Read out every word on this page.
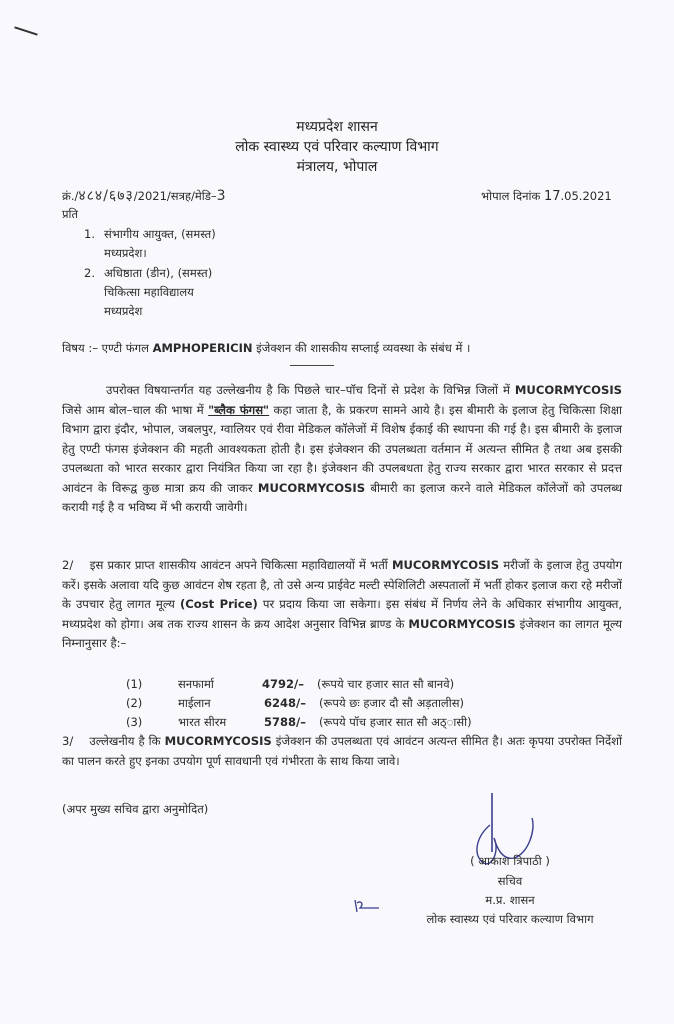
मध्यप्रदेश शासन
लोक स्वास्थ्य एवं परिवार कल्याण विभाग
मंत्रालय, भोपाल
क्रं./४८४/६७३/2021/सत्रह/मेडि–3	भोपाल दिनांक 17.05.2021
प्रति
1. संभागीय आयुक्त, (समस्त)
मध्यप्रदेश।
2. अधिष्ठाता (डीन), (समस्त)
चिकित्सा महाविद्यालय
मध्यप्रदेश
विषय :– एण्टी फंगल AMPHOPERICIN इंजेक्शन की शासकीय सप्लाई व्यवस्था के संबंध में ।
उपरोक्त विषयान्तर्गत यह उल्लेखनीय है कि पिछले चार–पॉच दिनों से प्रदेश के विभिन्न जिलों में MUCORMYCOSIS जिसे आम बोल–चाल की भाषा में "ब्लैक फंगस" कहा जाता है, के प्रकरण सामने आये है। इस बीमारी के इलाज हेतु चिकित्सा शिक्षा विभाग द्वारा इंदौर, भोपाल, जबलपुर, ग्वालियर एवं रीवा मेडिकल कॉलेजों में विशेष ईकाई की स्थापना की गई है। इस बीमारी के इलाज हेतु एण्टी फंगस इंजेक्शन की महती आवश्यकता होती है। इस इंजेक्शन की उपलब्धता वर्तमान में अत्यन्त सीमित है तथा अब इसकी उपलब्धता को भारत सरकार द्वारा नियंत्रित किया जा रहा है। इंजेक्शन की उपलबधता हेतु राज्य सरकार द्वारा भारत सरकार से प्रदत्त आवंटन के विरूद्व कुछ मात्रा क्रय की जाकर MUCORMYCOSIS बीमारी का इलाज करने वाले मेडिकल कॉलेजों को उपलब्ध करायी गई है व भविष्य में भी करायी जावेगी।
2/ इस प्रकार प्राप्त शासकीय आवंटन अपने चिकित्सा महाविद्यालयों में भर्ती MUCORMYCOSIS मरीजों के इलाज हेतु उपयोग करें। इसके अलावा यदि कुछ आवंटन शेष रहता है, तो उसे अन्य प्राईवेट मल्टी स्पेशिलिटी अस्पतालों में भर्ती होकर इलाज करा रहे मरीजों के उपचार हेतु लागत मूल्य (Cost Price) पर प्रदाय किया जा सकेगा। इस संबंध में निर्णय लेने के अधिकार संभागीय आयुक्त, मध्यप्रदेश को होगा। अब तक राज्य शासन के क्रय आदेश अनुसार विभिन्न ब्राण्ड के MUCORMYCOSIS इंजेक्शन का लागत मूल्य निम्नानुसार है:–
(1)	सनफार्मा	4792/– (रूपये चार हजार सात सौ बानवे)
(2)	माईलान	6248/– (रूपये छः हजार दौ सौ अड़तालीस)
(3)	भारत सीरम	5788/– (रूपये पॉच हजार सात सौ अठ्ासी)
3/ उल्लेखनीय है कि MUCORMYCOSIS इंजेक्शन की उपलब्धता एवं आवंटन अत्यन्त सीमित है। अतः कृपया उपरोक्त निर्देशों का पालन करते हुए इनका उपयोग पूर्ण सावधानी एवं गंभीरता के साथ किया जावे।
(अपर मुख्य सचिव द्वारा अनुमोदित)
( आकाश त्रिपाठी )
सचिव
म.प्र. शासन
लोक स्वास्थ्य एवं परिवार कल्याण विभाग
